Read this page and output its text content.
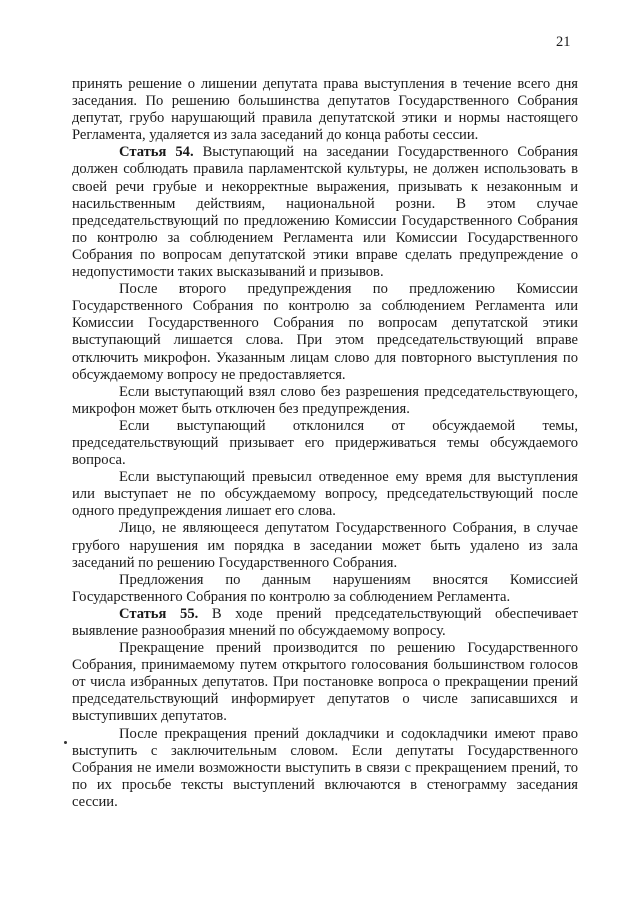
21

принять решение о лишении депутата права выступления в течение всего дня заседания. По решению большинства депутатов Государственного Собрания депутат, грубо нарушающий правила депутатской этики и нормы настоящего Регламента, удаляется из зала заседаний до конца работы сессии.

Статья 54. Выступающий на заседании Государственного Собрания должен соблюдать правила парламентской культуры, не должен использовать в своей речи грубые и некорректные выражения, призывать к незаконным и насильственным действиям, национальной розни. В этом случае председательствующий по предложению Комиссии Государственного Собрания по контролю за соблюдением Регламента или Комиссии Государственного Собрания по вопросам депутатской этики вправе сделать предупреждение о недопустимости таких высказываний и призывов.

После второго предупреждения по предложению Комиссии Государственного Собрания по контролю за соблюдением Регламента или Комиссии Государственного Собрания по вопросам депутатской этики выступающий лишается слова. При этом председательствующий вправе отключить микрофон. Указанным лицам слово для повторного выступления по обсуждаемому вопросу не предоставляется.

Если выступающий взял слово без разрешения председательствующего, микрофон может быть отключен без предупреждения.

Если выступающий отклонился от обсуждаемой темы, председательствующий призывает его придерживаться темы обсуждаемого вопроса.

Если выступающий превысил отведенное ему время для выступления или выступает не по обсуждаемому вопросу, председательствующий после одного предупреждения лишает его слова.

Лицо, не являющееся депутатом Государственного Собрания, в случае грубого нарушения им порядка в заседании может быть удалено из зала заседаний по решению Государственного Собрания.

Предложения по данным нарушениям вносятся Комиссией Государственного Собрания по контролю за соблюдением Регламента.

Статья 55. В ходе прений председательствующий обеспечивает выявление разнообразия мнений по обсуждаемому вопросу.

Прекращение прений производится по решению Государственного Собрания, принимаемому путем открытого голосования большинством голосов от числа избранных депутатов. При постановке вопроса о прекращении прений председательствующий информирует депутатов о числе записавшихся и выступивших депутатов.

После прекращения прений докладчики и содокладчики имеют право выступить с заключительным словом. Если депутаты Государственного Собрания не имели возможности выступить в связи с прекращением прений, то по их просьбе тексты выступлений включаются в стенограмму заседания сессии.
